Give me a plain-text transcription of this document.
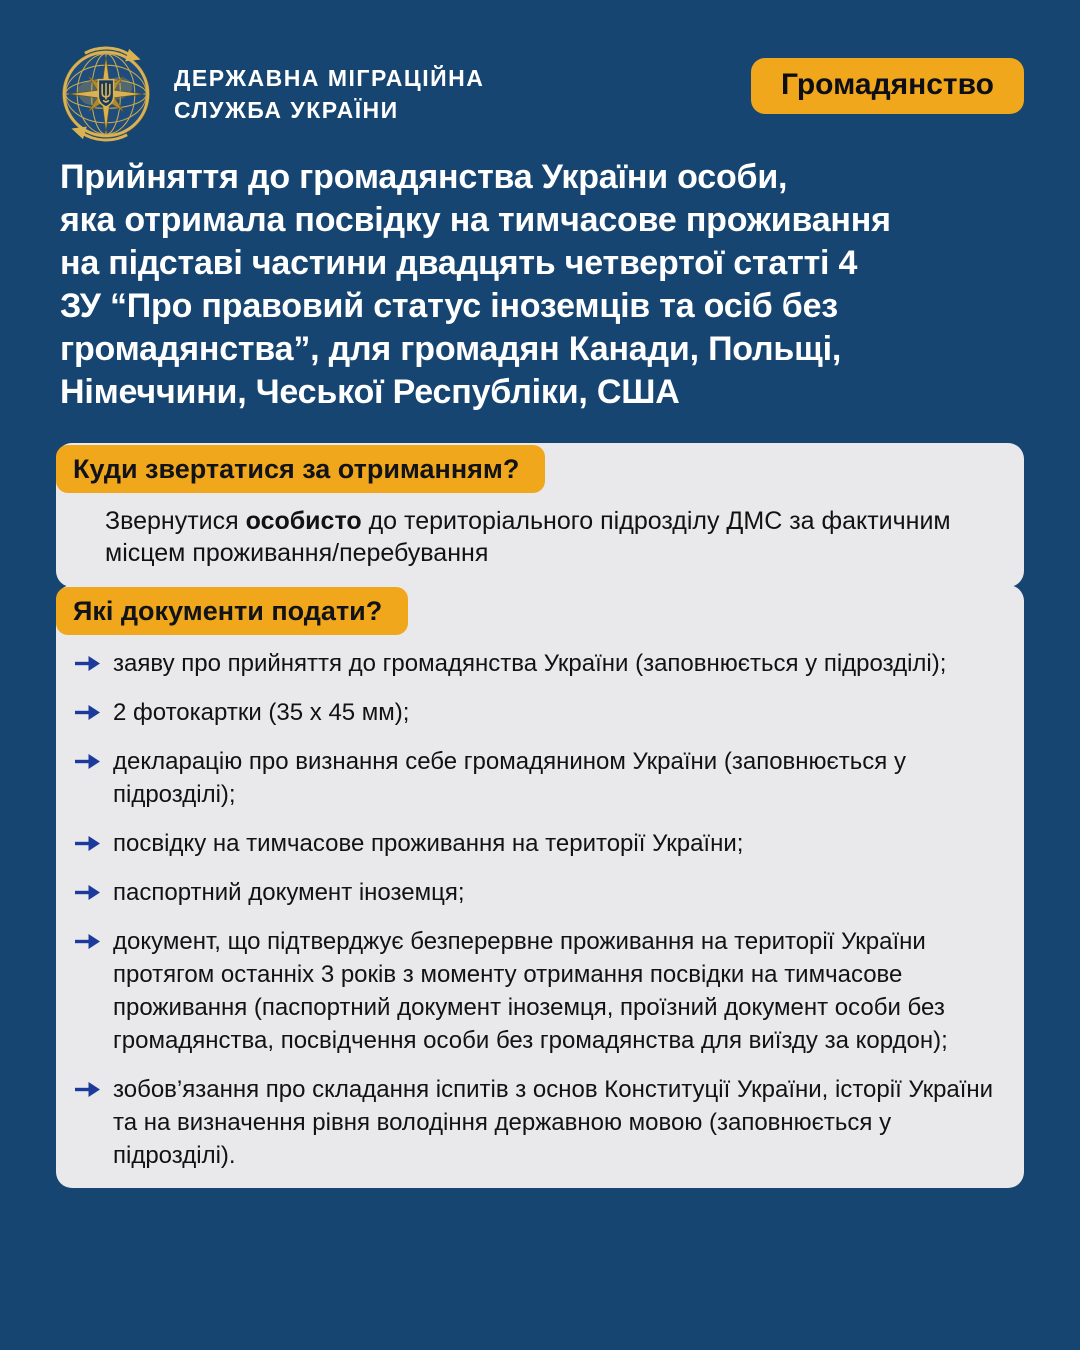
ДЕРЖАВНА МІГРАЦІЙНА
СЛУЖБА УКРАЇНИ
Громадянство
Прийняття до громадянства України особи,
яка отримала посвідку на тимчасове проживання
на підставі частини двадцять четвертої статті 4
ЗУ “Про правовий статус іноземців та осіб без
громадянства”, для громадян Канади, Польщі,
Німеччини, Чеської Республіки, США
Куди звертатися за отриманням?
Звернутися особисто до територіального підрозділу ДМС за фактичним місцем проживання/перебування
Які документи подати?
заяву про прийняття до громадянства України (заповнюється у підрозділі);
2 фотокартки (35 x 45 мм);
декларацію про визнання себе громадянином України (заповнюється у підрозділі);
посвідку на тимчасове проживання на території України;
паспортний документ іноземця;
документ, що підтверджує безперервне проживання на території України протягом останніх 3 років з моменту отримання посвідки на тимчасове проживання (паспортний документ іноземця, проїзний документ особи без громадянства, посвідчення особи без громадянства для виїзду за кордон);
зобов’язання про складання іспитів з основ Конституції України, історії України та на визначення рівня володіння державною мовою (заповнюється у підрозділі).
